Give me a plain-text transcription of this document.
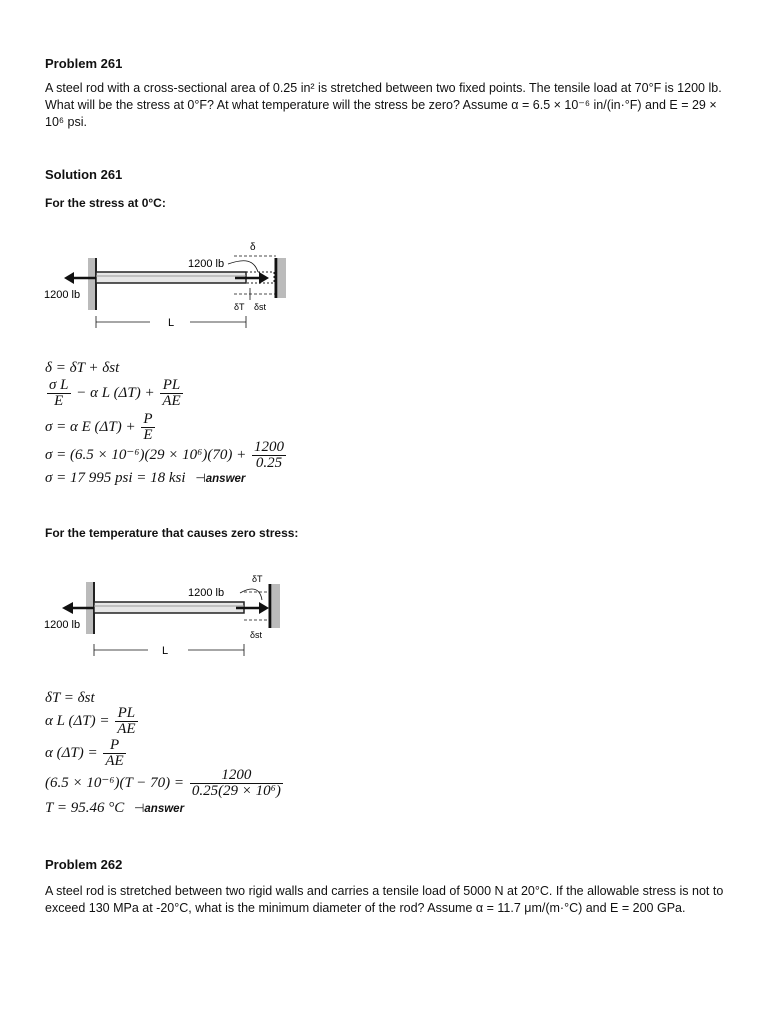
Problem 261
A steel rod with a cross-sectional area of 0.25 in² is stretched between two fixed points. The tensile load at 70°F is 1200 lb. What will be the stress at 0°F? At what temperature will the stress be zero? Assume α = 6.5 × 10⁻⁶ in/(in·°F) and E = 29 × 10⁶ psi.
Solution 261
For the stress at 0°C:
δ
1200 lb
1200 lb
δT δst
L
δ = δT + δst
$\frac{\text{σ L}}{E} - \alpha$ L $(\Delta T) + \frac{PL}{AE}$
σ = α E $(\Delta T) + \frac{P}{E}$
$\sigma = (6.5 \times 10^{-6})(29 \times 10^6)(70) + \frac{1200}{0.25}$
σ = 17 995 psi = 18 ksi ⊣answer
For the temperature that causes zero stress:
1200 lb
1200 lb
δT
δst
L
δT = δst
α L $(\Delta T) = \frac{PL}{AE}$
α $(\Delta T) = \frac{P}{AE}$
$(6.5 \times 10^{-6})(T - 70) = \frac{1200}{\text{0.25(29 × 10⁶)}}$
T = 95.46 °C ⊣answer
Problem 262
A steel rod is stretched between two rigid walls and carries a tensile load of 5000 N at 20°C. If the allowable stress is not to exceed 130 MPa at -20°C, what is the minimum diameter of the rod? Assume α = 11.7 μm/(m·°C) and E = 200 GPa.
